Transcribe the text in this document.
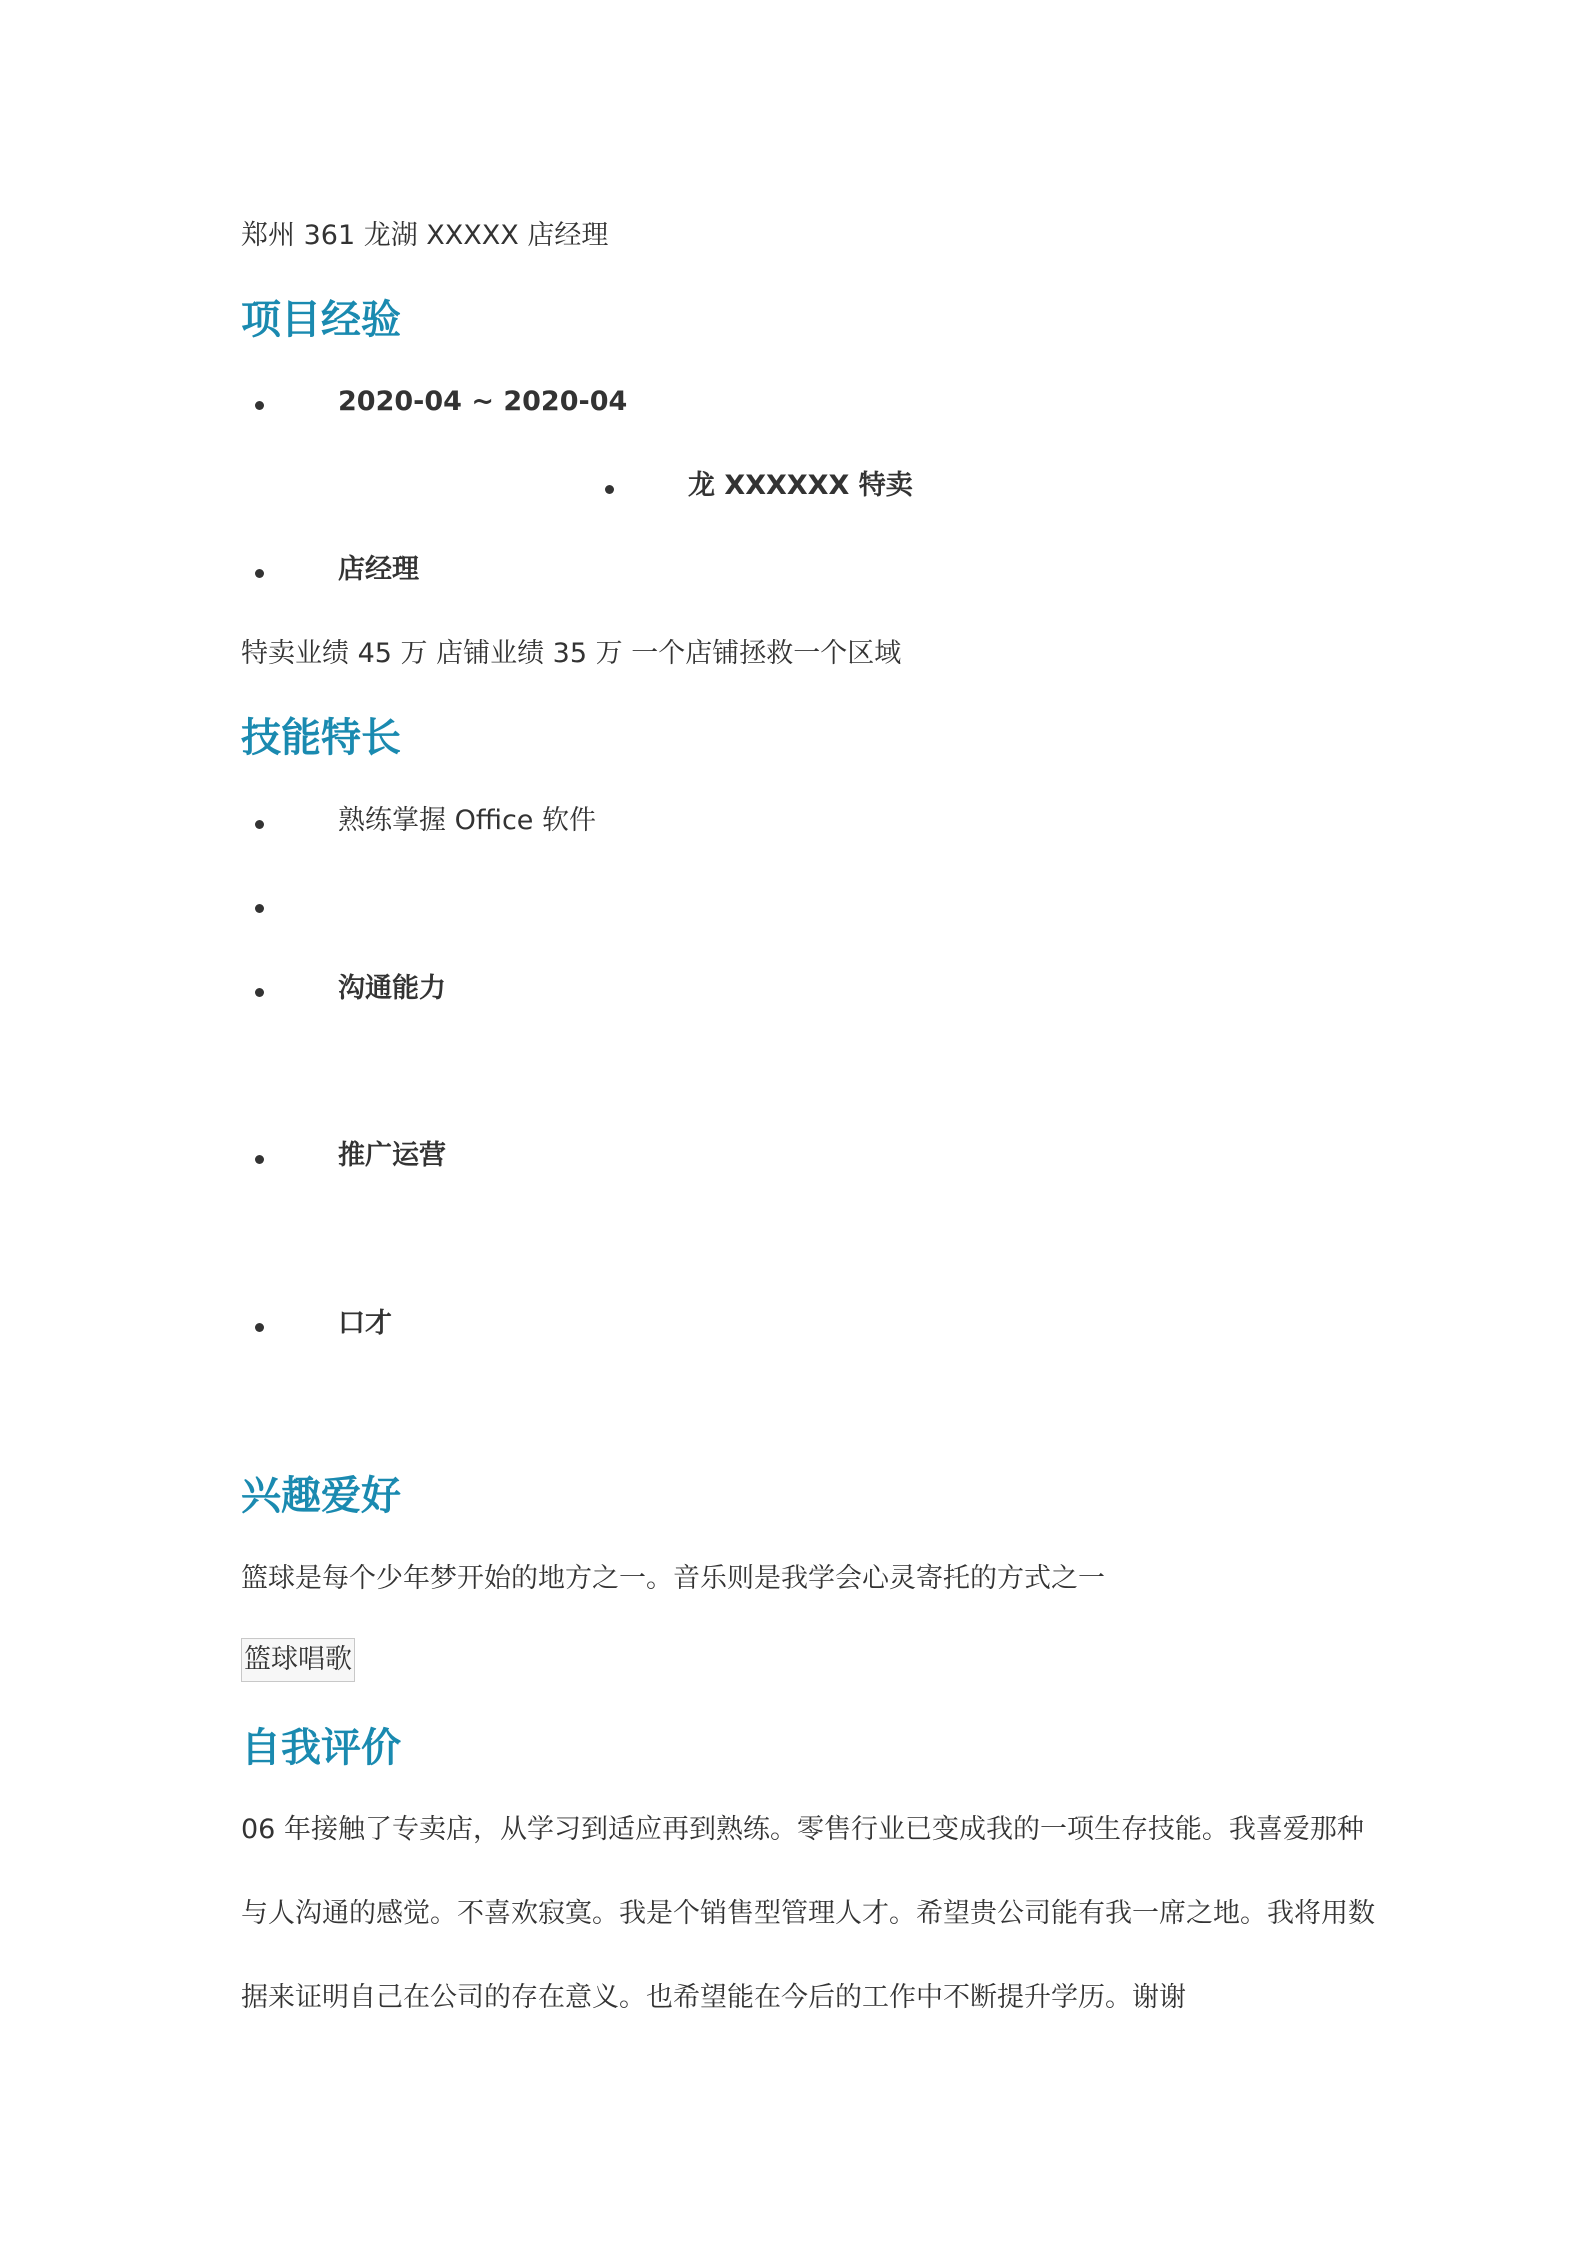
郑州 361 龙湖 XXXXX 店经理
项目经验
2020-04 ~ 2020-04
龙 XXXXXX 特卖
店经理
特卖业绩 45 万 店铺业绩 35 万 一个店铺拯救一个区域
技能特长
熟练掌握 Office 软件
沟通能力
推广运营
口才
兴趣爱好
篮球是每个少年梦开始的地方之一。音乐则是我学会心灵寄托的方式之一
篮球唱歌
自我评价
06 年接触了专卖店，从学习到适应再到熟练。零售行业已变成我的一项生存技能。我喜爱那种
与人沟通的感觉。不喜欢寂寞。我是个销售型管理人才。希望贵公司能有我一席之地。我将用数
据来证明自己在公司的存在意义。也希望能在今后的工作中不断提升学历。谢谢
